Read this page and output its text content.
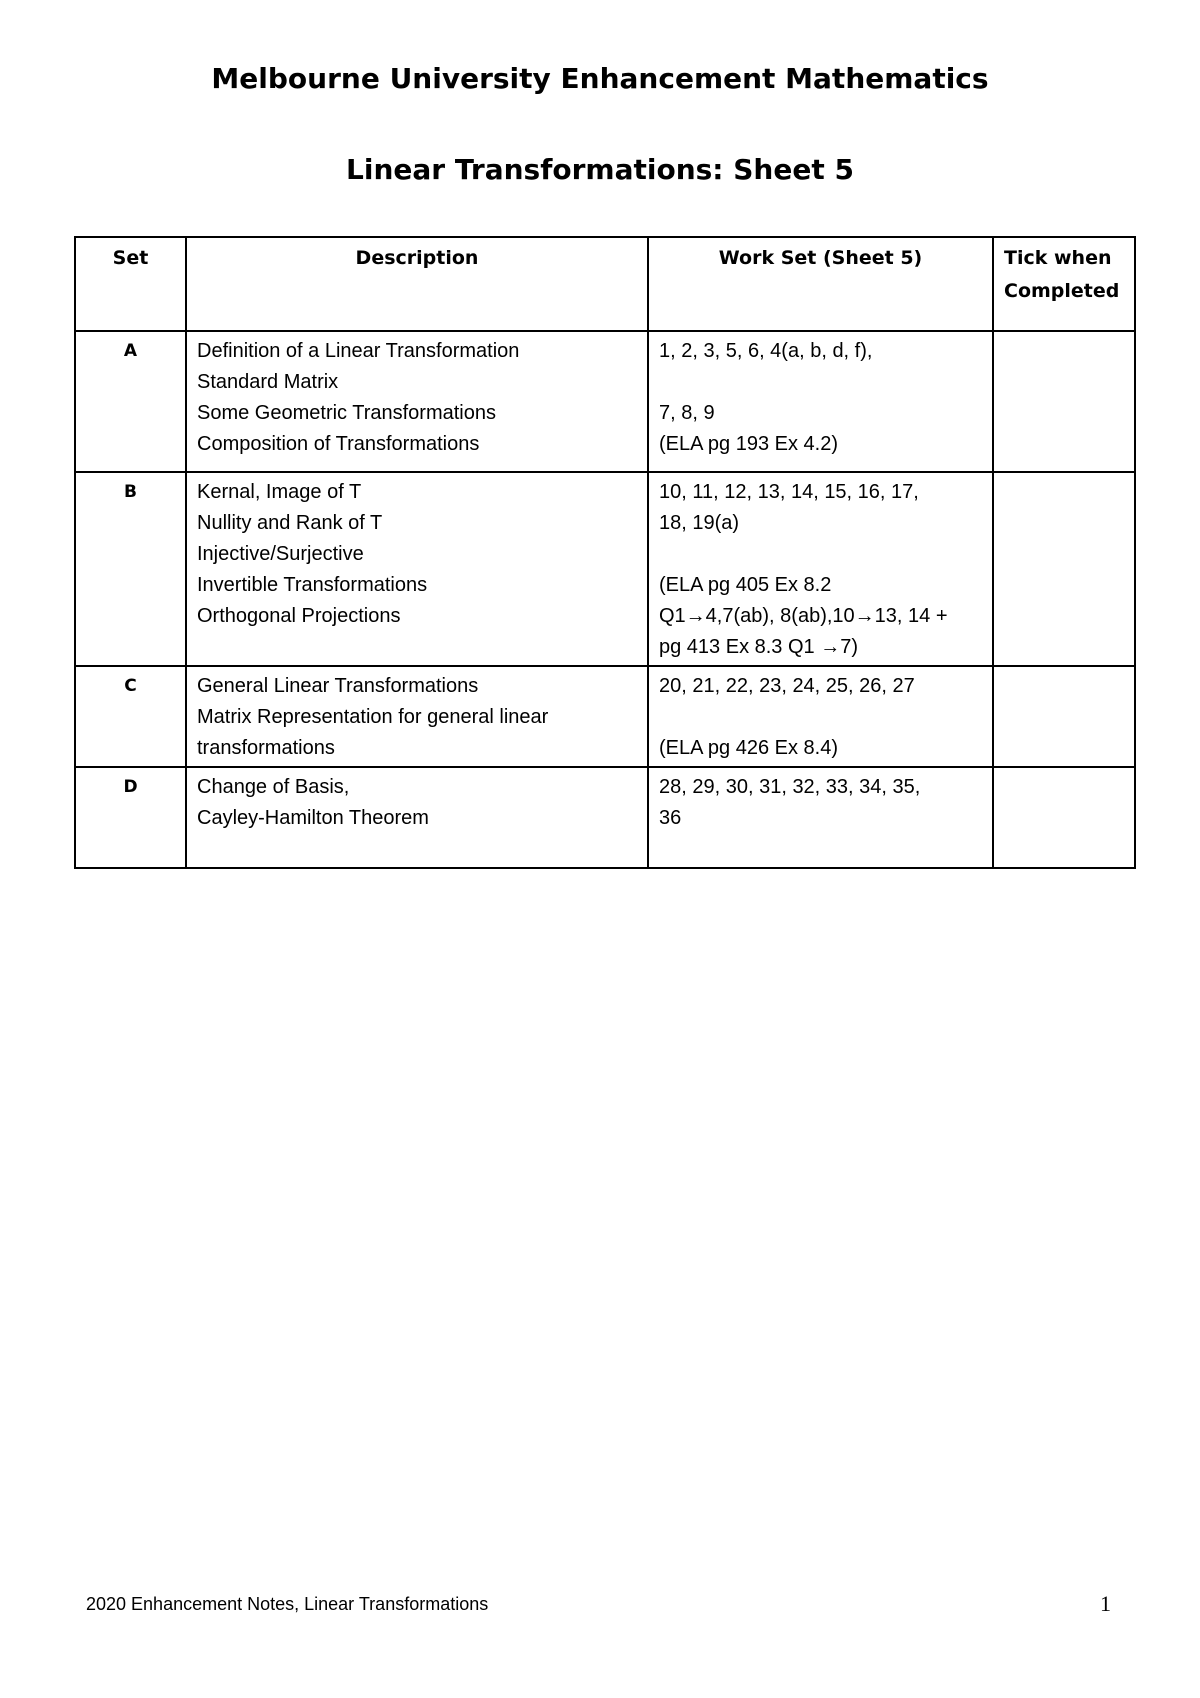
Melbourne University Enhancement Mathematics
Linear Transformations: Sheet 5
Set	Description	Work Set (Sheet 5)	Tick when Completed
A	Definition of a Linear Transformation
Standard Matrix
Some Geometric Transformations
Composition of Transformations	1, 2, 3, 5, 6, 4(a, b, d, f),
7, 8, 9
(ELA pg 193 Ex 4.2)	

B	Kernal, Image of T
Nullity and Rank of T
Injective/Surjective
Invertible Transformations
Orthogonal Projections	10, 11, 12, 13, 14, 15, 16, 17,
18, 19(a)
(ELA pg 405 Ex 8.2
Q1→4,7(ab), 8(ab),10→13, 14 +
pg 413 Ex 8.3 Q1 →7)	

C	General Linear Transformations
Matrix Representation for general linear
transformations	20, 21, 22, 23, 24, 25, 26, 27
(ELA pg 426 Ex 8.4)	

D	Change of Basis,
Cayley-Hamilton Theorem	28, 29, 30, 31, 32, 33, 34, 35,
36	

2020 Enhancement Notes, Linear Transformations	1
